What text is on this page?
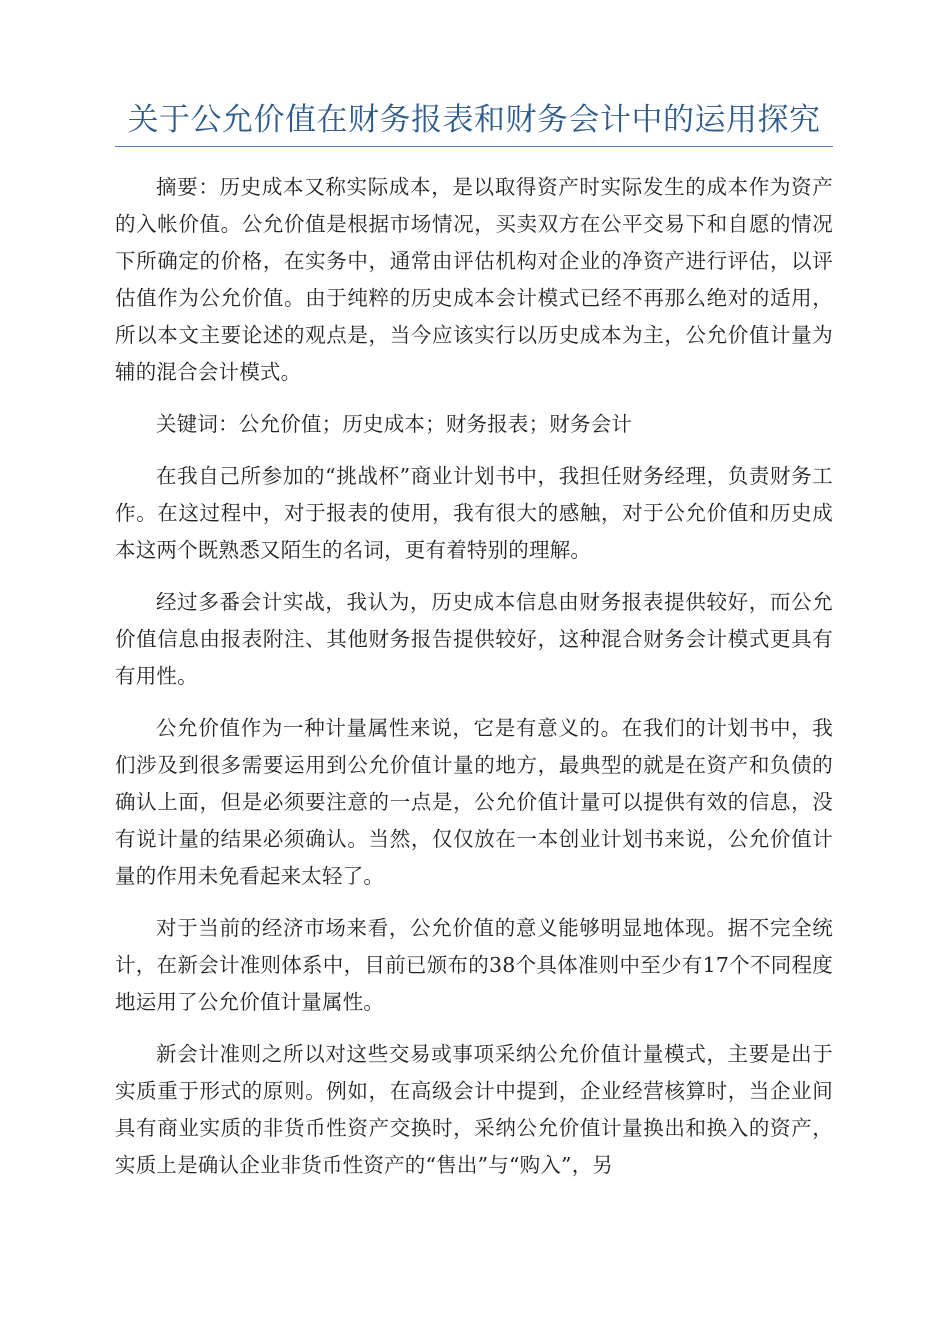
关于公允价值在财务报表和财务会计中的运用探究

摘要：历史成本又称实际成本，是以取得资产时实际发生的成本作为资产的入帐价值。公允价值是根据市场情况，买卖双方在公平交易下和自愿的情况下所确定的价格，在实务中，通常由评估机构对企业的净资产进行评估，以评估值作为公允价值。由于纯粹的历史成本会计模式已经不再那么绝对的适用，所以本文主要论述的观点是，当今应该实行以历史成本为主，公允价值计量为辅的混合会计模式。

关键词：公允价值；历史成本；财务报表；财务会计

在我自己所参加的“挑战杯”商业计划书中，我担任财务经理，负责财务工作。在这过程中，对于报表的使用，我有很大的感触，对于公允价值和历史成本这两个既熟悉又陌生的名词，更有着特别的理解。

经过多番会计实战，我认为，历史成本信息由财务报表提供较好，而公允价值信息由报表附注、其他财务报告提供较好，这种混合财务会计模式更具有有用性。

公允价值作为一种计量属性来说，它是有意义的。在我们的计划书中，我们涉及到很多需要运用到公允价值计量的地方，最典型的就是在资产和负债的确认上面，但是必须要注意的一点是，公允价值计量可以提供有效的信息，没有说计量的结果必须确认。当然，仅仅放在一本创业计划书来说，公允价值计量的作用未免看起来太轻了。

对于当前的经济市场来看，公允价值的意义能够明显地体现。据不完全统计，在新会计准则体系中，目前已颁布的38个具体准则中至少有17个不同程度地运用了公允价值计量属性。

新会计准则之所以对这些交易或事项采纳公允价值计量模式，主要是出于实质重于形式的原则。例如，在高级会计中提到，企业经营核算时，当企业间具有商业实质的非货币性资产交换时，采纳公允价值计量换出和换入的资产，实质上是确认企业非货币性资产的“售出”与“购入”，另
